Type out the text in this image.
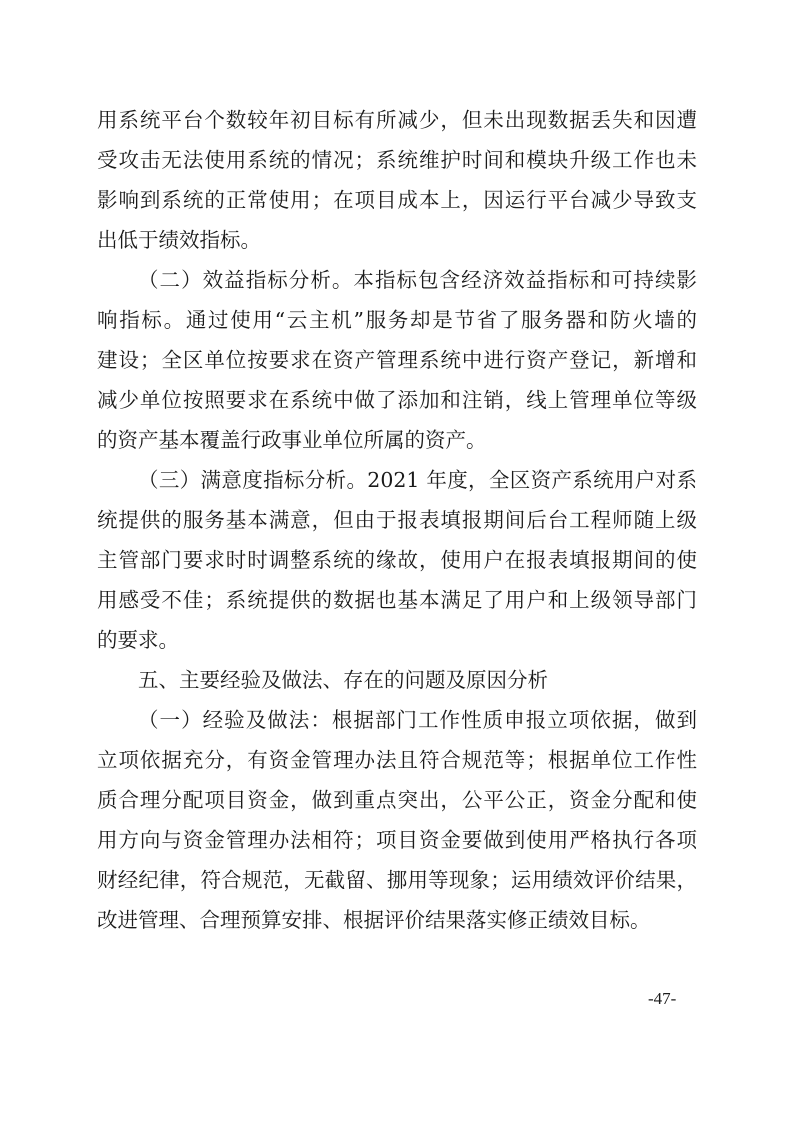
用系统平台个数较年初目标有所减少，但未出现数据丢失和因遭
受攻击无法使用系统的情况；系统维护时间和模块升级工作也未
影响到系统的正常使用；在项目成本上，因运行平台减少导致支
出低于绩效指标。
（二）效益指标分析。本指标包含经济效益指标和可持续影
响指标。通过使用“云主机”服务却是节省了服务器和防火墙的
建设；全区单位按要求在资产管理系统中进行资产登记，新增和
减少单位按照要求在系统中做了添加和注销，线上管理单位等级
的资产基本覆盖行政事业单位所属的资产。
（三）满意度指标分析。2021 年度，全区资产系统用户对系
统提供的服务基本满意，但由于报表填报期间后台工程师随上级
主管部门要求时时调整系统的缘故，使用户在报表填报期间的使
用感受不佳；系统提供的数据也基本满足了用户和上级领导部门
的要求。
五、主要经验及做法、存在的问题及原因分析
（一）经验及做法：根据部门工作性质申报立项依据，做到
立项依据充分，有资金管理办法且符合规范等；根据单位工作性
质合理分配项目资金，做到重点突出，公平公正，资金分配和使
用方向与资金管理办法相符；项目资金要做到使用严格执行各项
财经纪律，符合规范，无截留、挪用等现象；运用绩效评价结果，
改进管理、合理预算安排、根据评价结果落实修正绩效目标。
-47-
